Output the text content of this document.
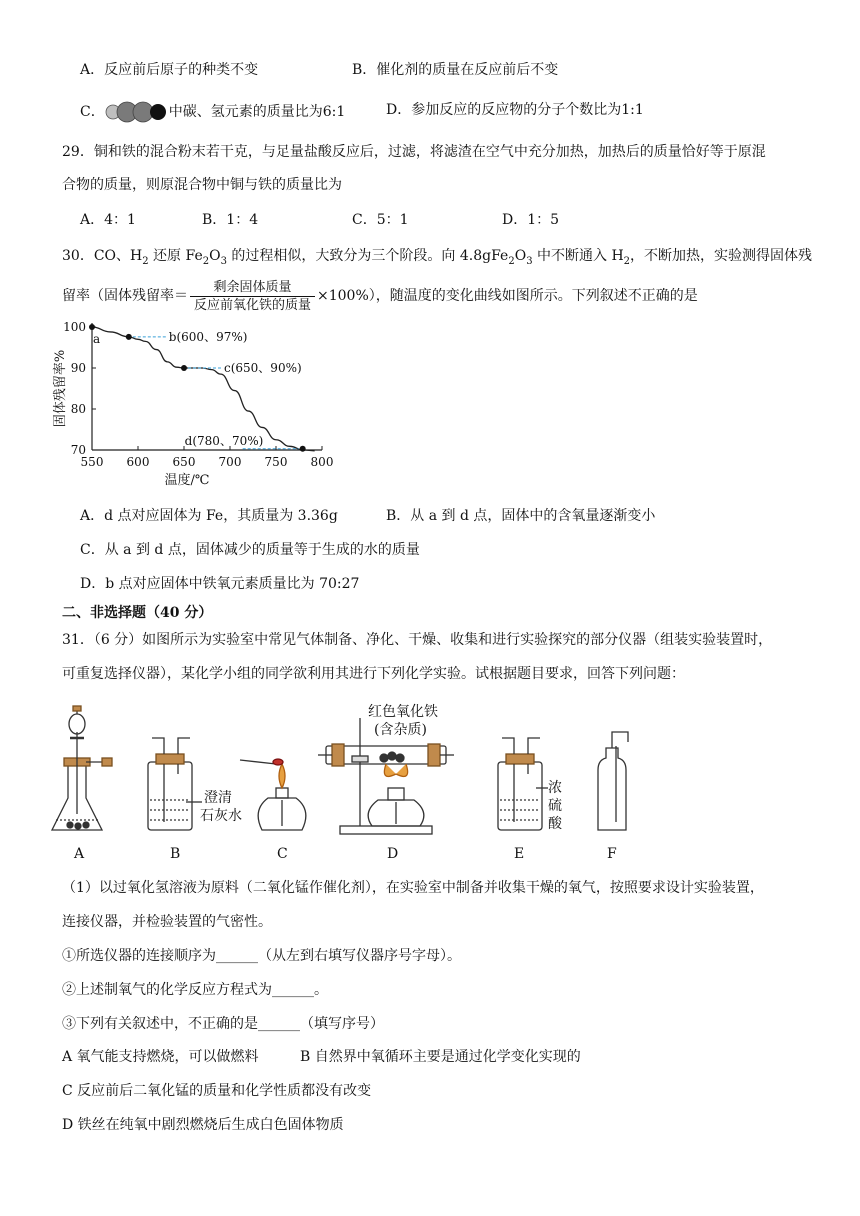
A．反应前后原子的种类不变	B．催化剂的质量在反应前后不变
C．	中碳、氢元素的质量比为6:1	D．参加反应的反应物的分子个数比为1:1
29．铜和铁的混合粉末若干克，与足量盐酸反应后，过滤，将滤渣在空气中充分加热，加热后的质量恰好等于原混
合物的质量，则原混合物中铜与铁的质量比为
A．4：1	B．1：4	C．5：1	D．1：5
30．CO、$H_2$ 还原 $Fe_2O_3$ 的过程相似，大致分为三个阶段。向 $4.8gFe_2O_3$ 中不断通入 $H_2$，不断加热，实验测得固体残
留率（固体残留率＝ $\frac{\text{剩余固体质量}}{\text{反应前氧化铁的质量}} \times 100\%$），随温度的变化曲线如图所示。下列叙述不正确的是
550 600 650 700 750 800
70
80
90
100
温度/℃
固体残留率%
a	b(600、97%)
c(650、90%)
d(780、70%)
A．d 点对应固体为 Fe，其质量为 3.36g	B．从 a 到 d 点，固体中的含氧量逐渐变小
C．从 a 到 d 点，固体减少的质量等于生成的水的质量
D．b 点对应固体中铁氧元素质量比为 70:27
二、非选择题（40 分）
31．（6 分）如图所示为实验室中常见气体制备、净化、干燥、收集和进行实验探究的部分仪器（组装实验装置时，
可重复选择仪器），某化学小组的同学欲利用其进行下列化学实验。试根据题目要求，回答下列问题：
A	B	C	D	E	F
澄清
石灰水
红色氧化铁
(含杂质)
浓
硫
酸
（1）以过氧化氢溶液为原料（二氧化锰作催化剂），在实验室中制备并收集干燥的氧气，按照要求设计实验装置，
连接仪器，并检验装置的气密性。
①所选仪器的连接顺序为______（从左到右填写仪器序号字母）。
②上述制氧气的化学反应方程式为______。
③下列有关叙述中，不正确的是______（填写序号）
A 氧气能支持燃烧，可以做燃料	B 自然界中氧循环主要是通过化学变化实现的
C 反应前后二氧化锰的质量和化学性质都没有改变
D 铁丝在纯氧中剧烈燃烧后生成白色固体物质
